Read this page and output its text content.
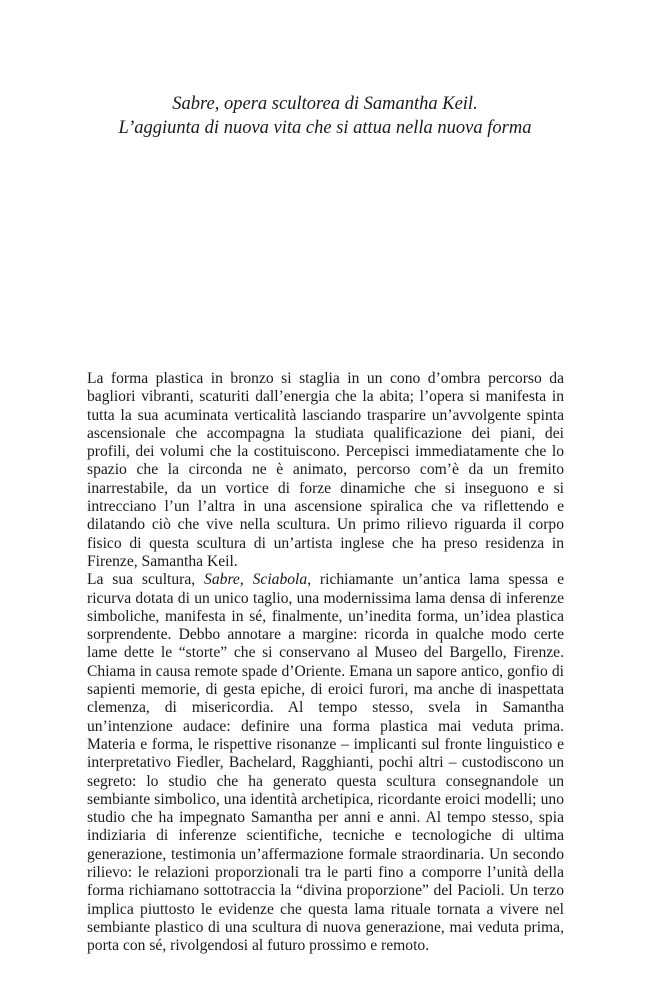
Sabre, opera scultorea di Samantha Keil.
L’aggiunta di nuova vita che si attua nella nuova forma

La forma plastica in bronzo si staglia in un cono d’ombra percorso da bagliori vibranti, scaturiti dall’energia che la abita; l’opera si manifesta in tutta la sua acuminata verticalità lasciando trasparire un’avvolgente spinta ascensionale che accompagna la studiata qualificazione dei piani, dei profili, dei volumi che la costituiscono. Percepisci immediatamente che lo spazio che la circonda ne è animato, percorso com’è da un fremito inarrestabile, da un vortice di forze dinamiche che si inseguono e si intrecciano l’un l’altra in una ascensione spiralica che va riflettendo e dilatando ciò che vive nella scultura. Un primo rilievo riguarda il corpo fisico di questa scultura di un’artista inglese che ha preso residenza in Firenze, Samantha Keil.

La sua scultura, Sabre, Sciabola, richiamante un’antica lama spessa e ricurva dotata di un unico taglio, una modernissima lama densa di inferenze simboliche, manifesta in sé, finalmente, un’inedita forma, un’idea plastica sorprendente. Debbo annotare a margine: ricorda in qualche modo certe lame dette le “storte” che si conservano al Museo del Bargello, Firenze. Chiama in causa remote spade d’Oriente. Emana un sapore antico, gonfio di sapienti memorie, di gesta epiche, di eroici furori, ma anche di inaspettata clemenza, di misericordia. Al tempo stesso, svela in Samantha un’intenzione audace: definire una forma plastica mai veduta prima. Materia e forma, le rispettive risonanze – implicanti sul fronte linguistico e interpretativo Fiedler, Bachelard, Ragghianti, pochi altri – custodiscono un segreto: lo studio che ha generato questa scultura consegnandole un sembiante simbolico, una identità archetipica, ricordante eroici modelli; uno studio che ha impegnato Samantha per anni e anni. Al tempo stesso, spia indiziaria di inferenze scientifiche, tecniche e tecnologiche di ultima generazione, testimonia un’affermazione formale straordinaria. Un secondo rilievo: le relazioni proporzionali tra le parti fino a comporre l’unità della forma richiamano sottotraccia la “divina proporzione” del Pacioli. Un terzo implica piuttosto le evidenze che questa lama rituale tornata a vivere nel sembiante plastico di una scultura di nuova generazione, mai veduta prima, porta con sé, rivolgendosi al futuro prossimo e remoto.
